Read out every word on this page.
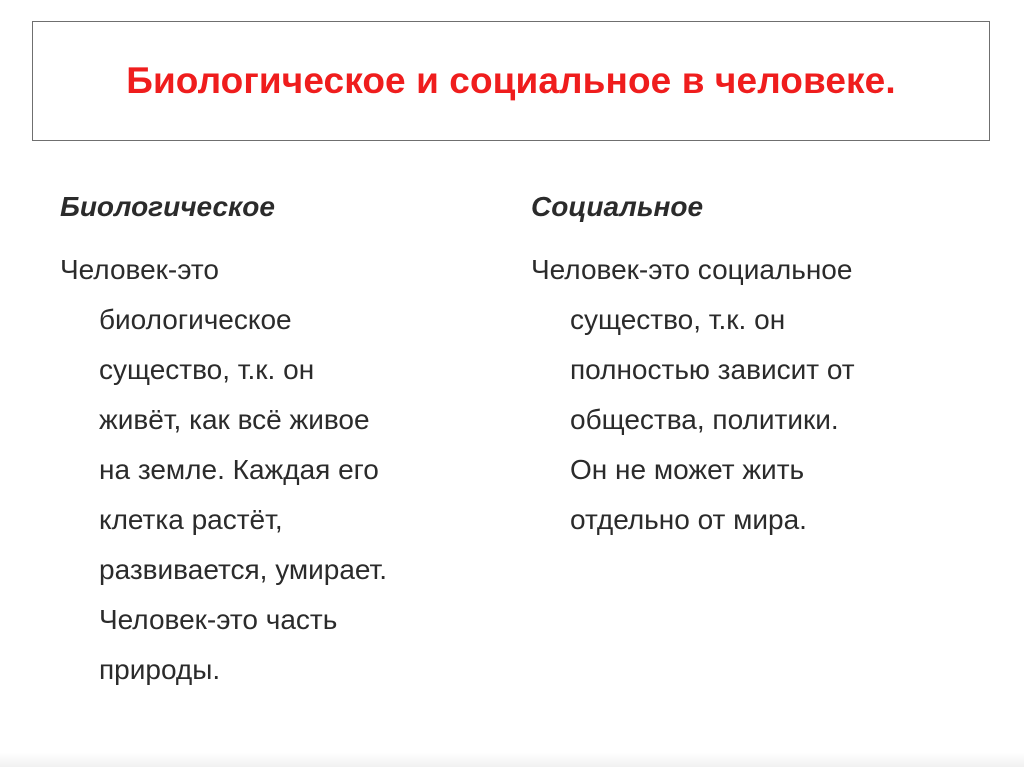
Биологическое и социальное в человеке.
Биологическое
Человек-это
биологическое
существо, т.к. он
живёт, как всё живое
на земле. Каждая его
клетка растёт,
развивается, умирает.
Человек-это часть
природы.
Социальное
Человек-это социальное
существо, т.к. он
полностью зависит от
общества, политики.
Он не может жить
отдельно от мира.
